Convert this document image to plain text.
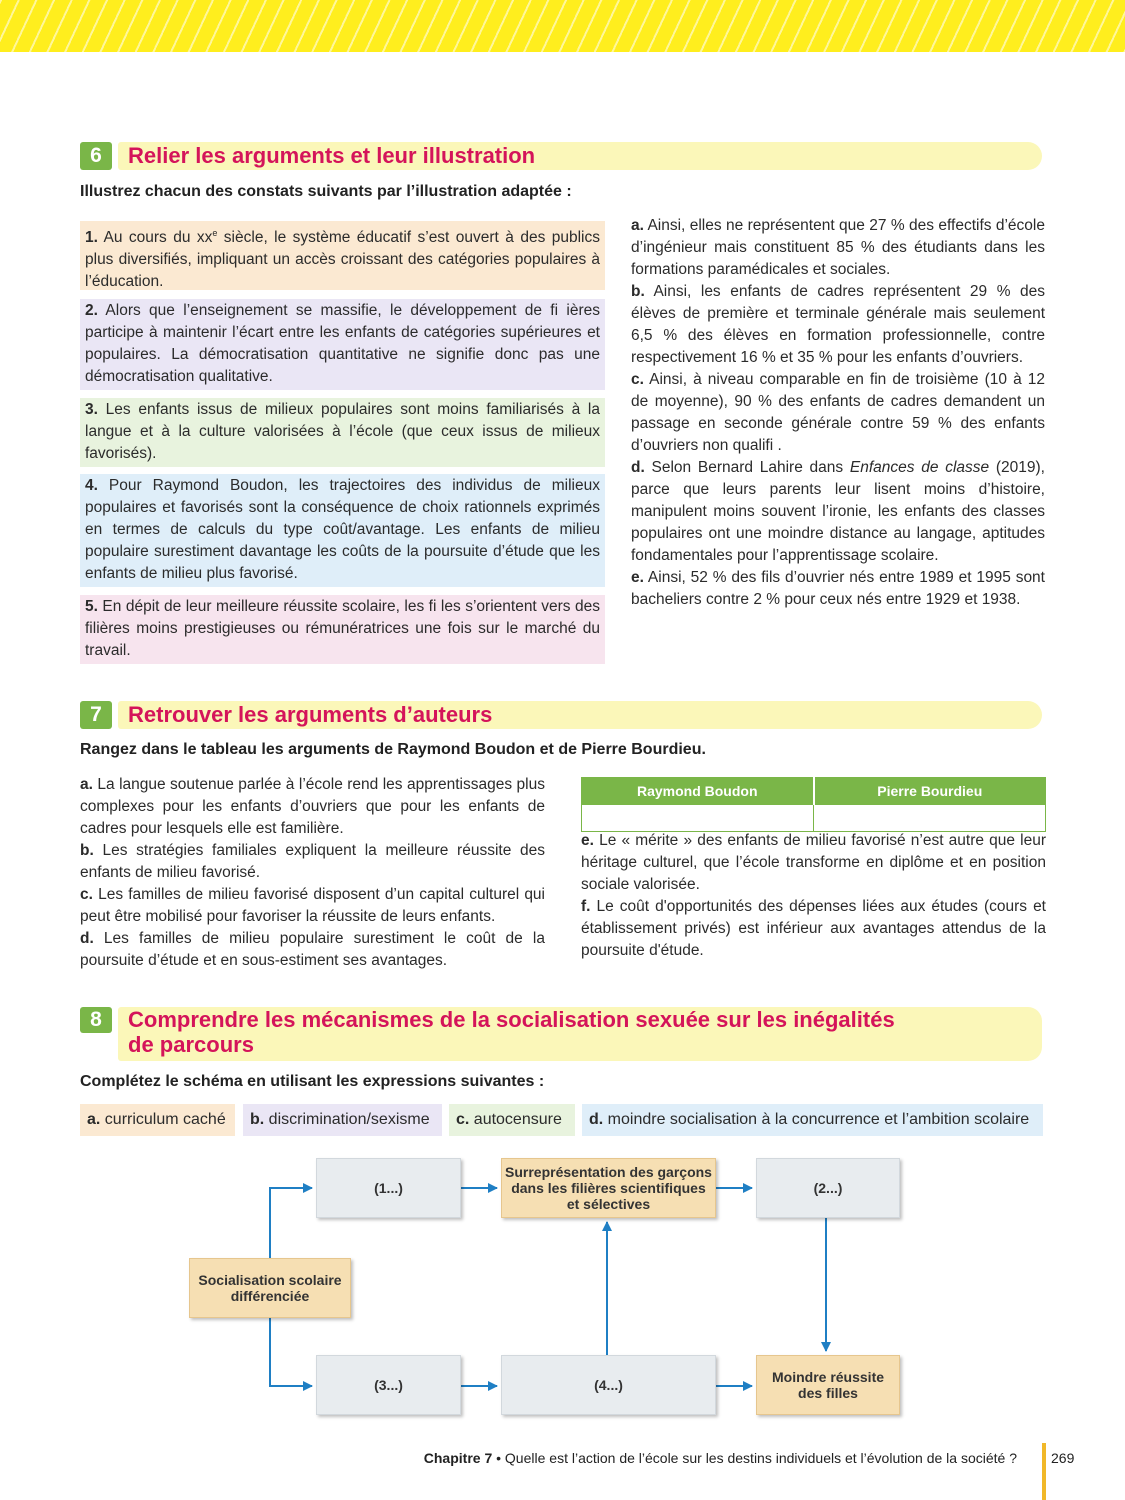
6	Relier les arguments et leur illustration
Illustrez chacun des constats suivants par l’illustration adaptée :
1. Au cours du $xx^e$ siècle, le système éducatif s’est ouvert à des publics plus diversifiés, impliquant un accès croissant des catégories populaires à l’éducation.
2. Alors que l’enseignement se massifie, le développement de fi ières participe à maintenir l’écart entre les enfants de catégories supérieures et populaires. La démocratisation quantitative ne signifie donc pas une démocratisation qualitative.
3. Les enfants issus de milieux populaires sont moins familiarisés à la langue et à la culture valorisées à l’école (que ceux issus de milieux favorisés).
4. Pour Raymond Boudon, les trajectoires des individus de milieux populaires et favorisés sont la conséquence de choix rationnels exprimés en termes de calculs du type coût/avantage. Les enfants de milieu populaire surestiment davantage les coûts de la poursuite d’étude que les enfants de milieu plus favorisé.
5. En dépit de leur meilleure réussite scolaire, les fi les s’orientent vers des filières moins prestigieuses ou rémunératrices une fois sur le marché du travail.
a. Ainsi, elles ne représentent que 27 % des effectifs d’école d’ingénieur mais constituent 85 % des étudiants dans les formations paramédicales et sociales.
b. Ainsi, les enfants de cadres représentent 29 % des élèves de première et terminale générale mais seulement 6,5 % des élèves en formation professionnelle, contre respectivement 16 % et 35 % pour les enfants d’ouvriers.
c. Ainsi, à niveau comparable en fin de troisième (10 à 12 de moyenne), 90 % des enfants de cadres demandent un passage en seconde générale contre 59 % des enfants d’ouvriers non qualifi .
d. Selon Bernard Lahire dans Enfances de classe (2019), parce que leurs parents leur lisent moins d’histoire, manipulent moins souvent l’ironie, les enfants des classes populaires ont une moindre distance au langage, aptitudes fondamentales pour l’apprentissage scolaire.
e. Ainsi, 52 % des fils d’ouvrier nés entre 1989 et 1995 sont bacheliers contre 2 % pour ceux nés entre 1929 et 1938.
7	Retrouver les arguments d’auteurs
Rangez dans le tableau les arguments de Raymond Boudon et de Pierre Bourdieu.
a. La langue soutenue parlée à l’école rend les apprentissages plus complexes pour les enfants d’ouvriers que pour les enfants de cadres pour lesquels elle est familière.
b. Les stratégies familiales expliquent la meilleure réussite des enfants de milieu favorisé.
c. Les familles de milieu favorisé disposent d’un capital culturel qui peut être mobilisé pour favoriser la réussite de leurs enfants.
d. Les familles de milieu populaire surestiment le coût de la poursuite d’étude et en sous-estiment ses avantages.
Raymond Boudon	Pierre Bourdieu

e. Le « mérite » des enfants de milieu favorisé n’est autre que leur héritage culturel, que l’école transforme en diplôme et en position sociale valorisée.
f. Le coût d'opportunités des dépenses liées aux études (cours et établissement privés) est inférieur aux avantages attendus de la poursuite d'étude.
8	Comprendre les mécanismes de la socialisation sexuée sur les inégalités
de parcours
Complétez le schéma en utilisant les expressions suivantes :
a. curriculum caché	b. discrimination/sexisme	c. autocensure	d. moindre socialisation à la concurrence et l’ambition scolaire
(1...)
Surreprésentation des garçons
dans les filières scientifiques
et sélectives
(2...)
Socialisation scolaire
différenciée
(3...)	(4...)	Moindre réussite
des filles
Chapitre 7 • Quelle est l’action de l’école sur les destins individuels et l’évolution de la société ? 269
